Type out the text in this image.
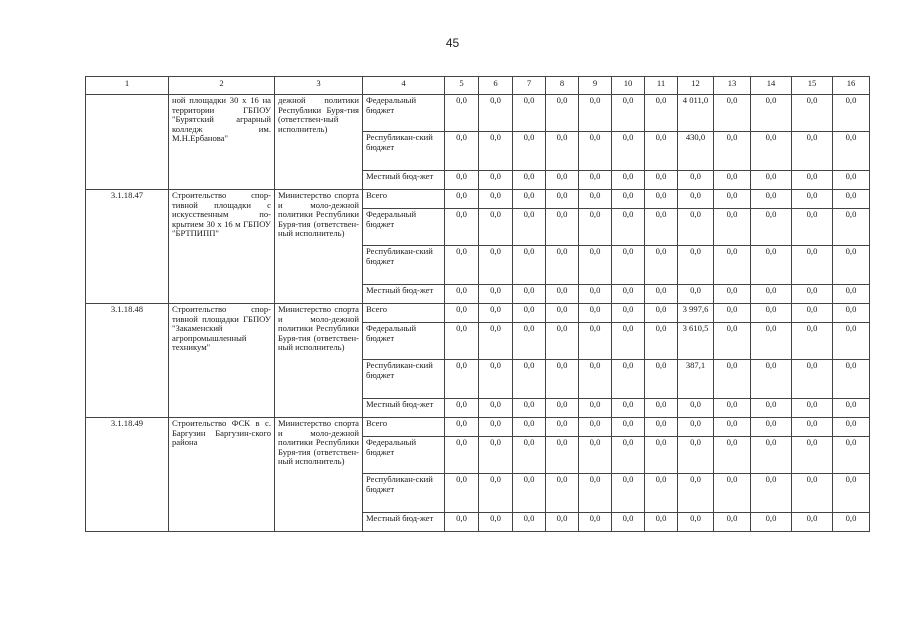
45
1	2	3	4	5	6	7	8	9	10	11	12	13	14	15	16
	ной площадки 30 х 16 на территории ГБПОУ "Бурятский аграрный колледж им. М.Н.Ербанова"	дежной политики Республики Буря-тия (ответствен-ный исполнитель)	Федеральный бюджет	0,0	0,0	0,0	0,0	0,0	0,0	0,0	4 011,0	0,0	0,0	0,0	0,0
			Республикан-ский бюджет	0,0	0,0	0,0	0,0	0,0	0,0	0,0	430,0	0,0	0,0	0,0	0,0
			Местный бюд-жет	0,0	0,0	0,0	0,0	0,0	0,0	0,0	0,0	0,0	0,0	0,0	0,0
3.1.18.47	Строительство спор-тивной площадки с искусственным по-крытием 30 х 16 м ГБПОУ "БРТПИПП"	Министерство спорта и моло-дежной политики Республики Буря-тия (ответствен-ный исполнитель)	Всего	0,0	0,0	0,0	0,0	0,0	0,0	0,0	0,0	0,0	0,0	0,0	0,0
			Федеральный бюджет	0,0	0,0	0,0	0,0	0,0	0,0	0,0	0,0	0,0	0,0	0,0	0,0
			Республикан-ский бюджет	0,0	0,0	0,0	0,0	0,0	0,0	0,0	0,0	0,0	0,0	0,0	0,0
			Местный бюд-жет	0,0	0,0	0,0	0,0	0,0	0,0	0,0	0,0	0,0	0,0	0,0	0,0
3.1.18.48	Строительство спор-тивной площадки ГБПОУ "Закаменский агропромышленный техникум"	Министерство спорта и моло-дежной политики Республики Буря-тия (ответствен-ный исполнитель)	Всего	0,0	0,0	0,0	0,0	0,0	0,0	0,0	3 997,6	0,0	0,0	0,0	0,0
			Федеральный бюджет	0,0	0,0	0,0	0,0	0,0	0,0	0,0	3 610,5	0,0	0,0	0,0	0,0
			Республикан-ский бюджет	0,0	0,0	0,0	0,0	0,0	0,0	0,0	387,1	0,0	0,0	0,0	0,0
			Местный бюд-жет	0,0	0,0	0,0	0,0	0,0	0,0	0,0	0,0	0,0	0,0	0,0	0,0
3.1.18.49	Строительство ФСК в с. Баргузин Баргузин-ского района	Министерство спорта и моло-дежной политики Республики Буря-тия (ответствен-ный исполнитель)	Всего	0,0	0,0	0,0	0,0	0,0	0,0	0,0	0,0	0,0	0,0	0,0	0,0
			Федеральный бюджет	0,0	0,0	0,0	0,0	0,0	0,0	0,0	0,0	0,0	0,0	0,0	0,0
			Республикан-ский бюджет	0,0	0,0	0,0	0,0	0,0	0,0	0,0	0,0	0,0	0,0	0,0	0,0
			Местный бюд-жет	0,0	0,0	0,0	0,0	0,0	0,0	0,0	0,0	0,0	0,0	0,0	0,0
